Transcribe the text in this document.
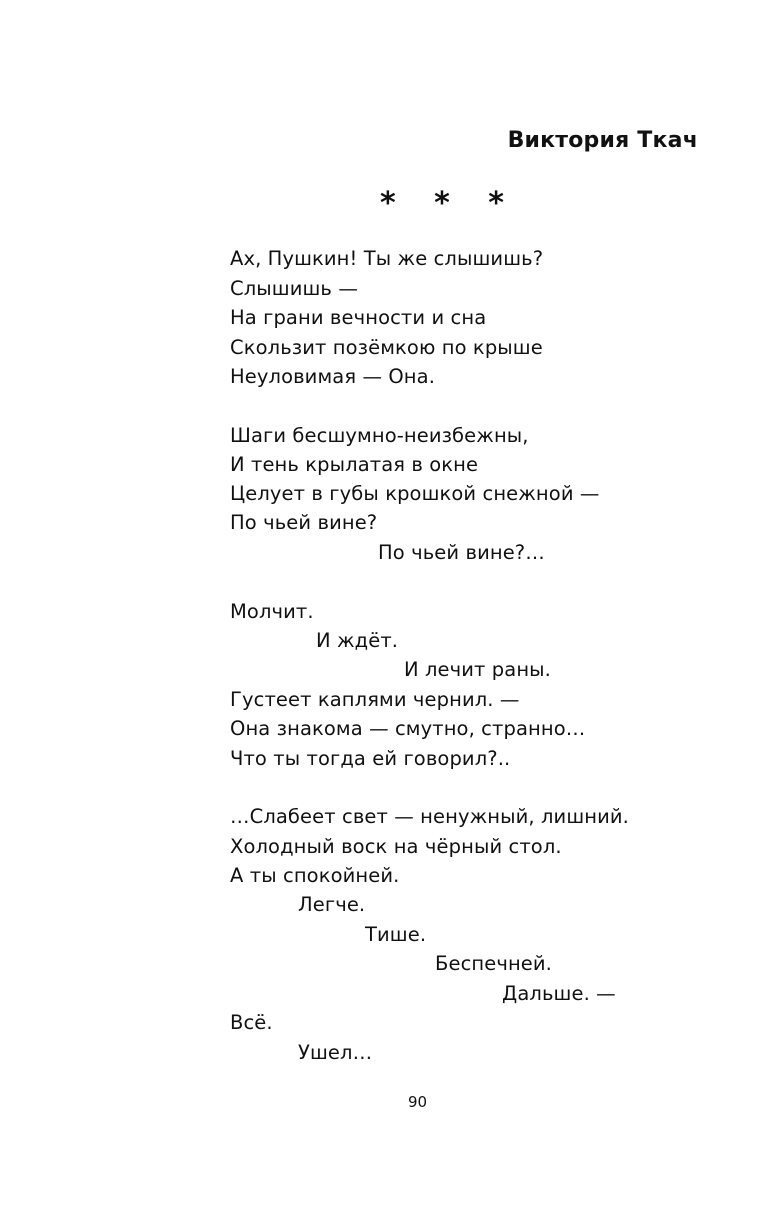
Виктория Ткач
* * *
Ах, Пушкин! Ты же слышишь?
Слышишь —
На грани вечности и сна
Скользит позёмкою по крыше
Неуловимая — Она.
Шаги бесшумно-неизбежны,
И тень крылатая в окне
Целует в губы крошкой снежной —
По чьей вине?
По чьей вине?…
Молчит.
И ждёт.
И лечит раны.
Густеет каплями чернил. —
Она знакома — смутно, странно…
Что ты тогда ей говорил?..
…Слабеет свет — ненужный, лишний.
Холодный воск на чёрный стол.
А ты спокойней.
Легче.
Тише.
Беспечней.
Дальше. —
Всё.
Ушел…
90
